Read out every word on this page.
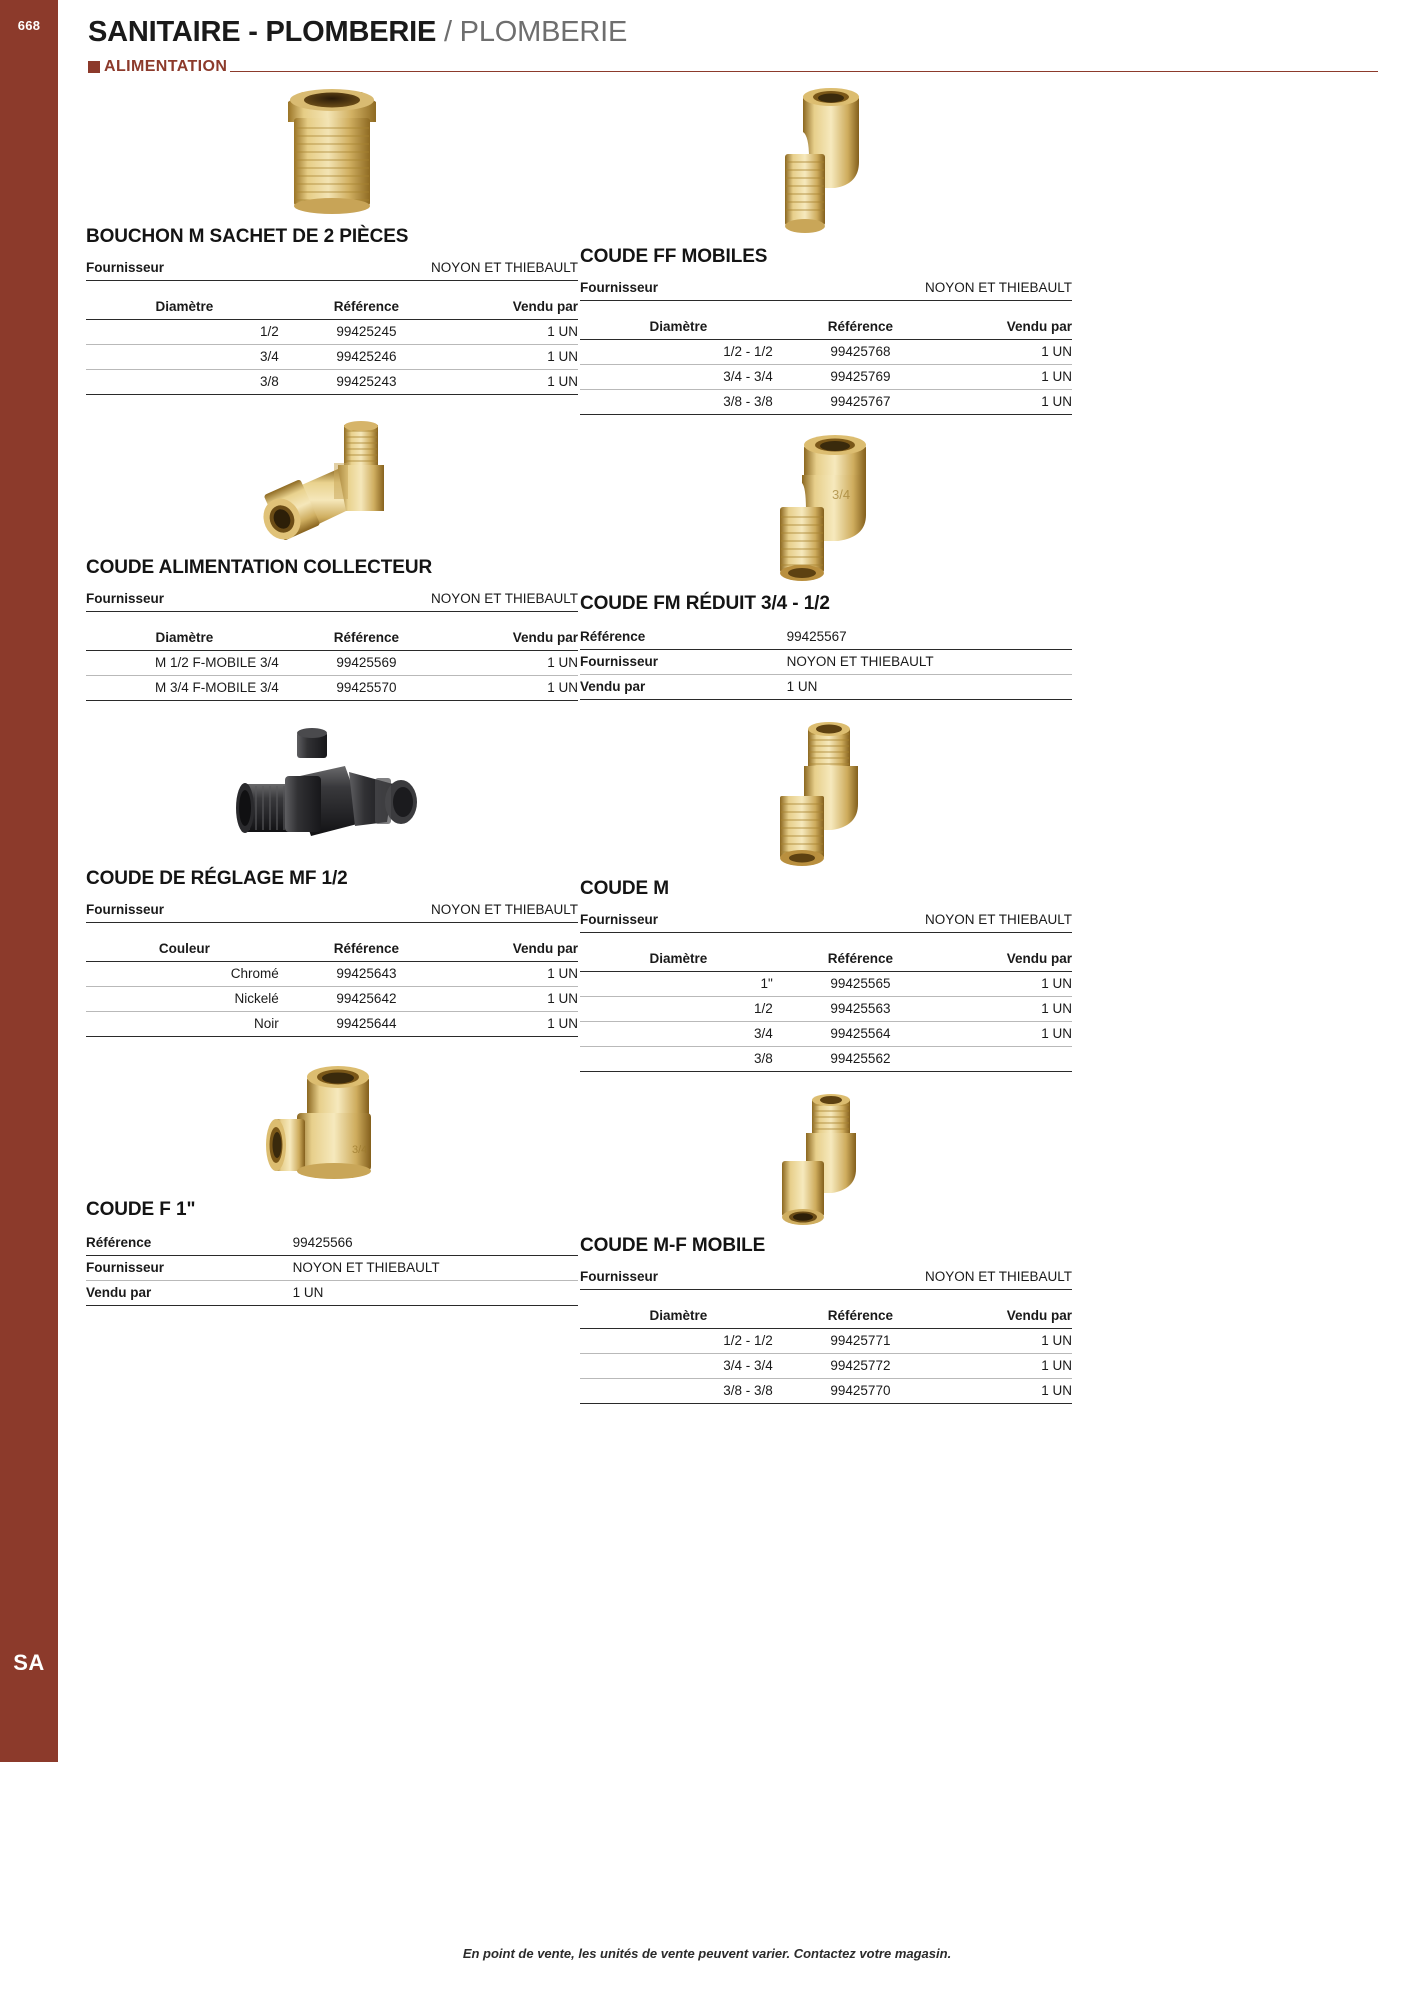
668
SA
SANITAIRE - PLOMBERIE / PLOMBERIE
ALIMENTATION
BOUCHON M SACHET DE 2 PIÈCES
Fournisseur	NOYON ET THIEBAULT
Diamètre	Référence	Vendu par
1/2	99425245	1 UN
3/4	99425246	1 UN
3/8	99425243	1 UN
COUDE ALIMENTATION COLLECTEUR
Fournisseur	NOYON ET THIEBAULT
Diamètre	Référence	Vendu par
M 1/2 F-MOBILE 3/4	99425569	1 UN
M 3/4 F-MOBILE 3/4	99425570	1 UN
COUDE DE RÉGLAGE MF 1/2
Fournisseur	NOYON ET THIEBAULT
Couleur	Référence	Vendu par
Chromé	99425643	1 UN
Nickelé	99425642	1 UN
Noir	99425644	1 UN
3/4
COUDE F 1"
Référence	99425566
Fournisseur	NOYON ET THIEBAULT
Vendu par	1 UN
COUDE FF MOBILES
Fournisseur	NOYON ET THIEBAULT
Diamètre	Référence	Vendu par
1/2 - 1/2	99425768	1 UN
3/4 - 3/4	99425769	1 UN
3/8 - 3/8	99425767	1 UN
3/4
COUDE FM RÉDUIT 3/4 - 1/2
Référence	99425567
Fournisseur	NOYON ET THIEBAULT
Vendu par	1 UN
COUDE M
Fournisseur	NOYON ET THIEBAULT
Diamètre	Référence	Vendu par
1"	99425565	1 UN
1/2	99425563	1 UN
3/4	99425564	1 UN
3/8	99425562	
COUDE M-F MOBILE
Fournisseur	NOYON ET THIEBAULT
Diamètre	Référence	Vendu par
1/2 - 1/2	99425771	1 UN
3/4 - 3/4	99425772	1 UN
3/8 - 3/8	99425770	1 UN
En point de vente, les unités de vente peuvent varier. Contactez votre magasin.
